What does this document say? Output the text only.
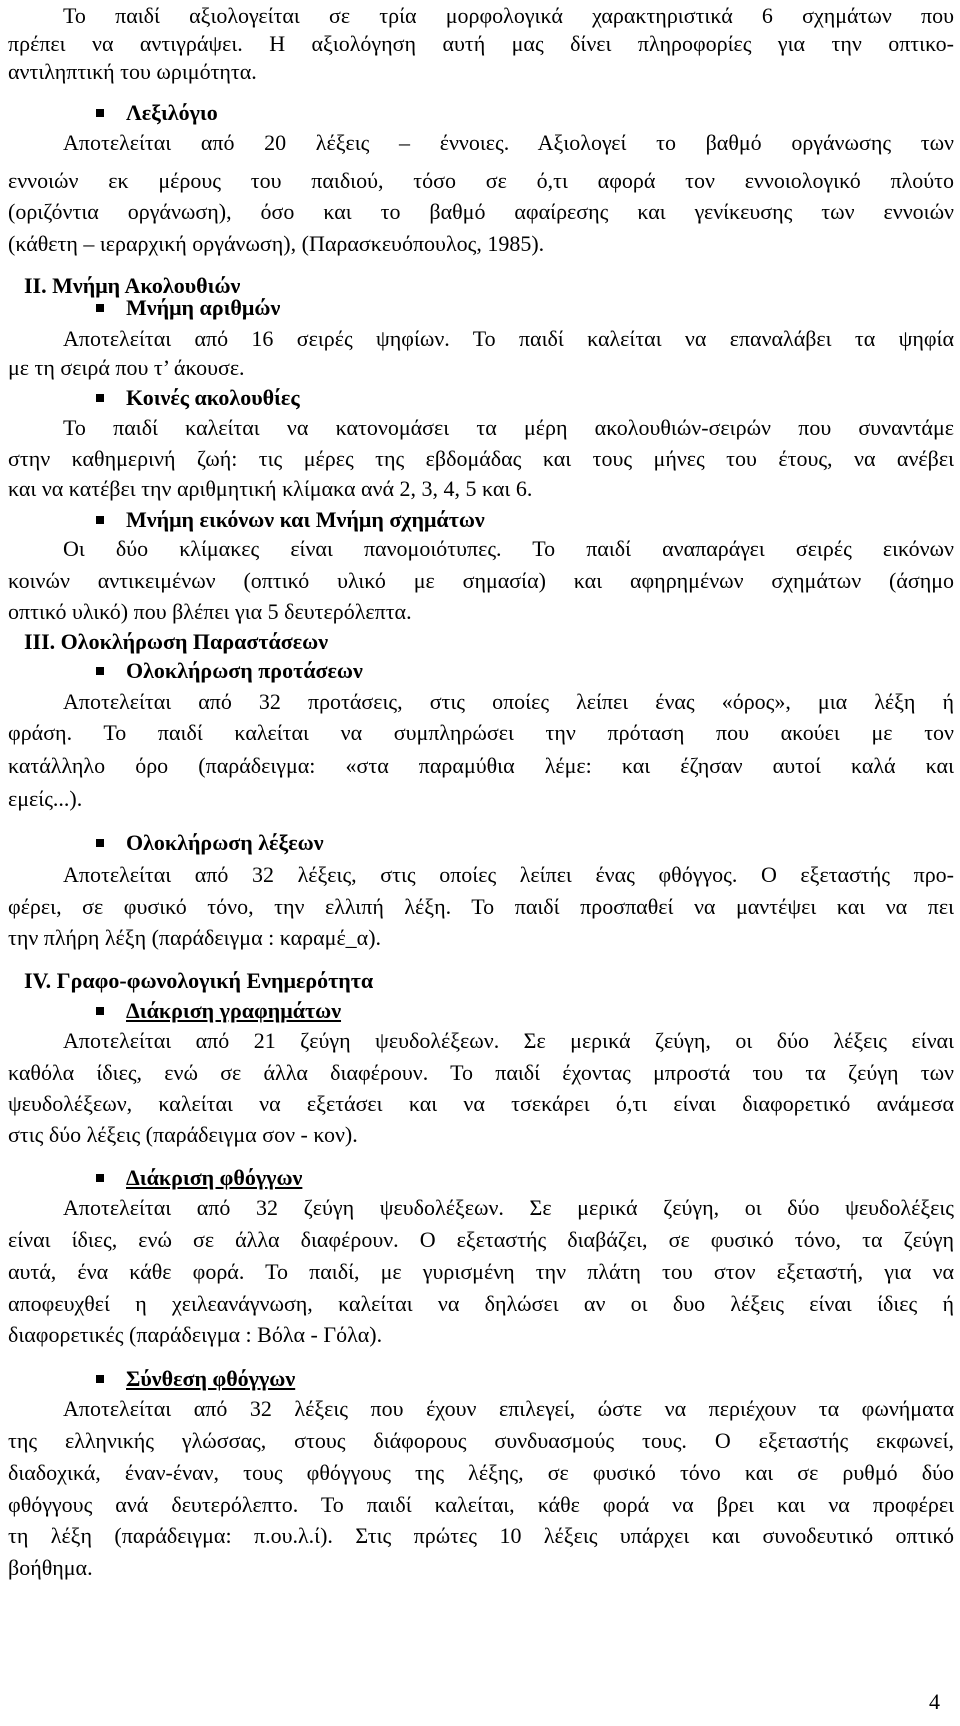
Το παιδί αξιολογείται σε τρία μορφολογικά χαρακτηριστικά 6 σχημάτων που
πρέπει να αντιγράψει. Η αξιολόγηση αυτή μας δίνει πληροφορίες για την οπτικο-
αντιληπτική του ωριμότητα.
Λεξιλόγιο
Αποτελείται από 20 λέξεις – έννοιες. Αξιολογεί το βαθμό οργάνωσης των
εννοιών εκ μέρους του παιδιού, τόσο σε ό,τι αφορά τον εννοιολογικό πλούτο
(οριζόντια οργάνωση), όσο και το βαθμό αφαίρεσης και γενίκευσης των εννοιών
(κάθετη – ιεραρχική οργάνωση), (Παρασκευόπουλος, 1985).
ΙΙ. Μνήμη Ακολουθιών
Μνήμη αριθμών
Αποτελείται από 16 σειρές ψηφίων. Το παιδί καλείται να επαναλάβει τα ψηφία
με τη σειρά που τ’ άκουσε.
Κοινές ακολουθίες
Το παιδί καλείται να κατονομάσει τα μέρη ακολουθιών-σειρών που συναντάμε
στην καθημερινή ζωή: τις μέρες της εβδομάδας και τους μήνες του έτους, να ανέβει
και να κατέβει την αριθμητική κλίμακα ανά 2, 3, 4, 5 και 6.
Μνήμη εικόνων και Μνήμη σχημάτων
Οι δύο κλίμακες είναι πανομοιότυπες. Το παιδί αναπαράγει σειρές εικόνων
κοινών αντικειμένων (οπτικό υλικό με σημασία) και αφηρημένων σχημάτων (άσημο
οπτικό υλικό) που βλέπει για 5 δευτερόλεπτα.
ΙΙΙ. Ολοκλήρωση Παραστάσεων
Ολοκλήρωση προτάσεων
Αποτελείται από 32 προτάσεις, στις οποίες λείπει ένας «όρος», μια λέξη ή
φράση. Το παιδί καλείται να συμπληρώσει την πρόταση που ακούει με τον
κατάλληλο όρο (παράδειγμα: «στα παραμύθια λέμε: και έζησαν αυτοί καλά και
εμείς...).
Ολοκλήρωση λέξεων
Αποτελείται από 32 λέξεις, στις οποίες λείπει ένας φθόγγος. Ο εξεταστής προ-
φέρει, σε φυσικό τόνο, την ελλιπή λέξη. Το παιδί προσπαθεί να μαντέψει και να πει
την πλήρη λέξη (παράδειγμα : καραμέ_α).
IV. Γραφο-φωνολογική Ενημερότητα
Διάκριση γραφημάτων
Αποτελείται από 21 ζεύγη ψευδολέξεων. Σε μερικά ζεύγη, οι δύο λέξεις είναι
καθόλα ίδιες, ενώ σε άλλα διαφέρουν. Το παιδί έχοντας μπροστά του τα ζεύγη των
ψευδολέξεων, καλείται να εξετάσει και να τσεκάρει ό,τι είναι διαφορετικό ανάμεσα
στις δύο λέξεις (παράδειγμα σον - κον).
Διάκριση φθόγγων
Αποτελείται από 32 ζεύγη ψευδολέξεων. Σε μερικά ζεύγη, οι δύο ψευδολέξεις
είναι ίδιες, ενώ σε άλλα διαφέρουν. Ο εξεταστής διαβάζει, σε φυσικό τόνο, τα ζεύγη
αυτά, ένα κάθε φορά. Το παιδί, με γυρισμένη την πλάτη του στον εξεταστή, για να
αποφευχθεί η χειλεανάγνωση, καλείται να δηλώσει αν οι δυο λέξεις είναι ίδιες ή
διαφορετικές (παράδειγμα : Βόλα - Γόλα).
Σύνθεση φθόγγων
Αποτελείται από 32 λέξεις που έχουν επιλεγεί, ώστε να περιέχουν τα φωνήματα
της ελληνικής γλώσσας, στους διάφορους συνδυασμούς τους. Ο εξεταστής εκφωνεί,
διαδοχικά, έναν-έναν, τους φθόγγους της λέξης, σε φυσικό τόνο και σε ρυθμό δύο
φθόγγους ανά δευτερόλεπτο. Το παιδί καλείται, κάθε φορά να βρει και να προφέρει
τη λέξη (παράδειγμα: π.ου.λ.ί). Στις πρώτες 10 λέξεις υπάρχει και συνοδευτικό οπτικό
βοήθημα.
4
